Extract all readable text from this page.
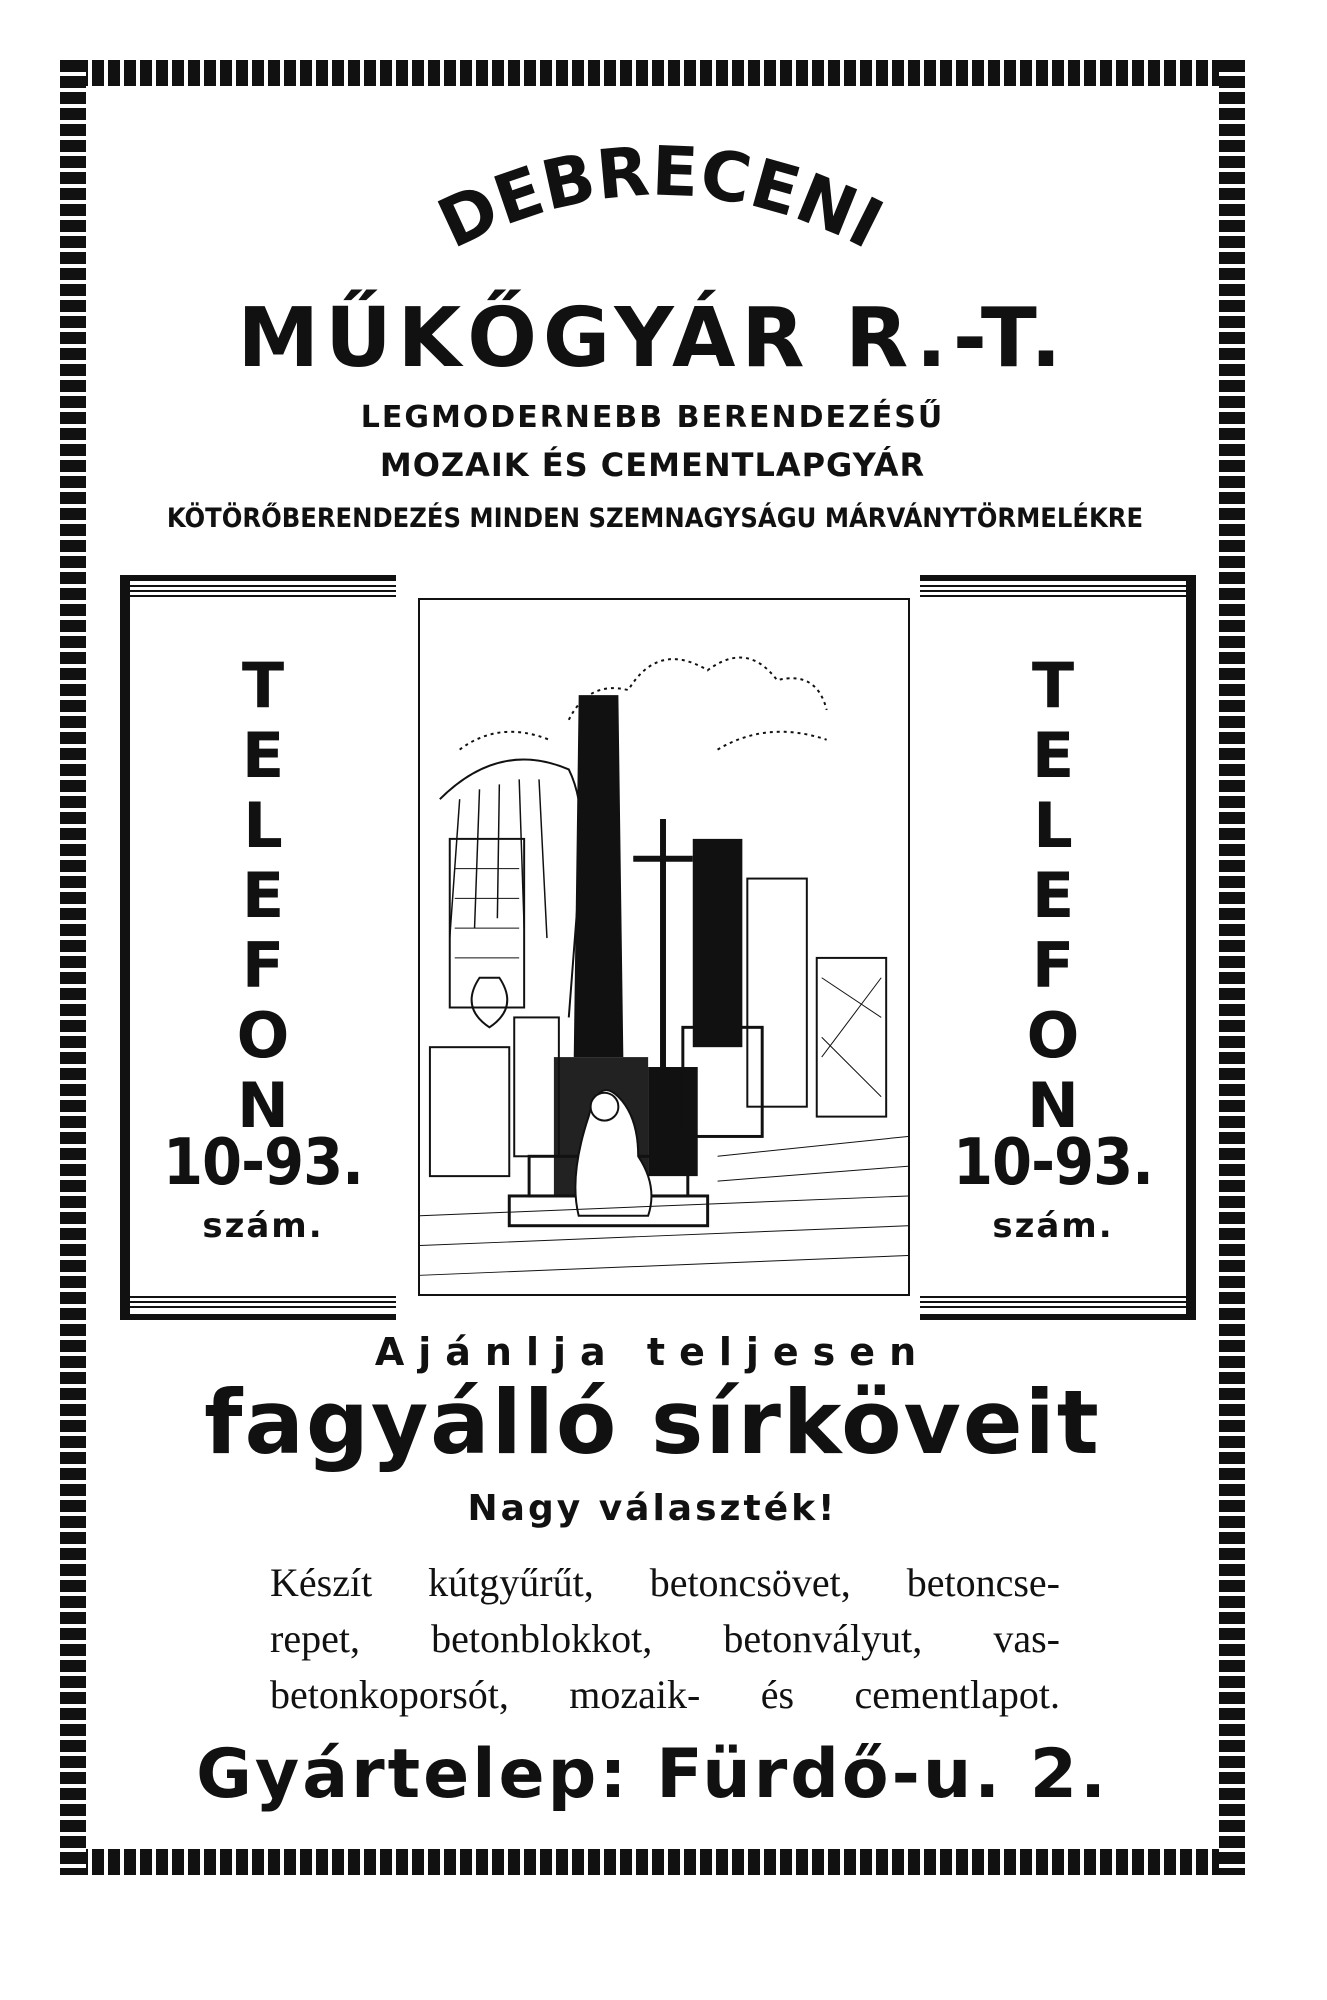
DEBRECENI
MŰKŐGYÁR R.-T.
LEGMODERNEBB BERENDEZÉSŰ
MOZAIK ÉS CEMENTLAPGYÁR
KÖTÖRŐBERENDEZÉS MINDEN SZEMNAGYSÁGU MÁRVÁNYTÖRMELÉKRE
T
E
L
E
F
O
N
10-93.
szám.
T
E
L
E
F
O
N
10-93.
szám.
Ajánlja teljesen
fagyálló sírköveit
Nagy választék!
Készít kútgyűrűt, betoncsövet, betoncse-
repet, betonblokkot, betonvályut, vas-
betonkoporsót, mozaik- és cementlapot.
Gyártelep: Fürdő-u. 2.
